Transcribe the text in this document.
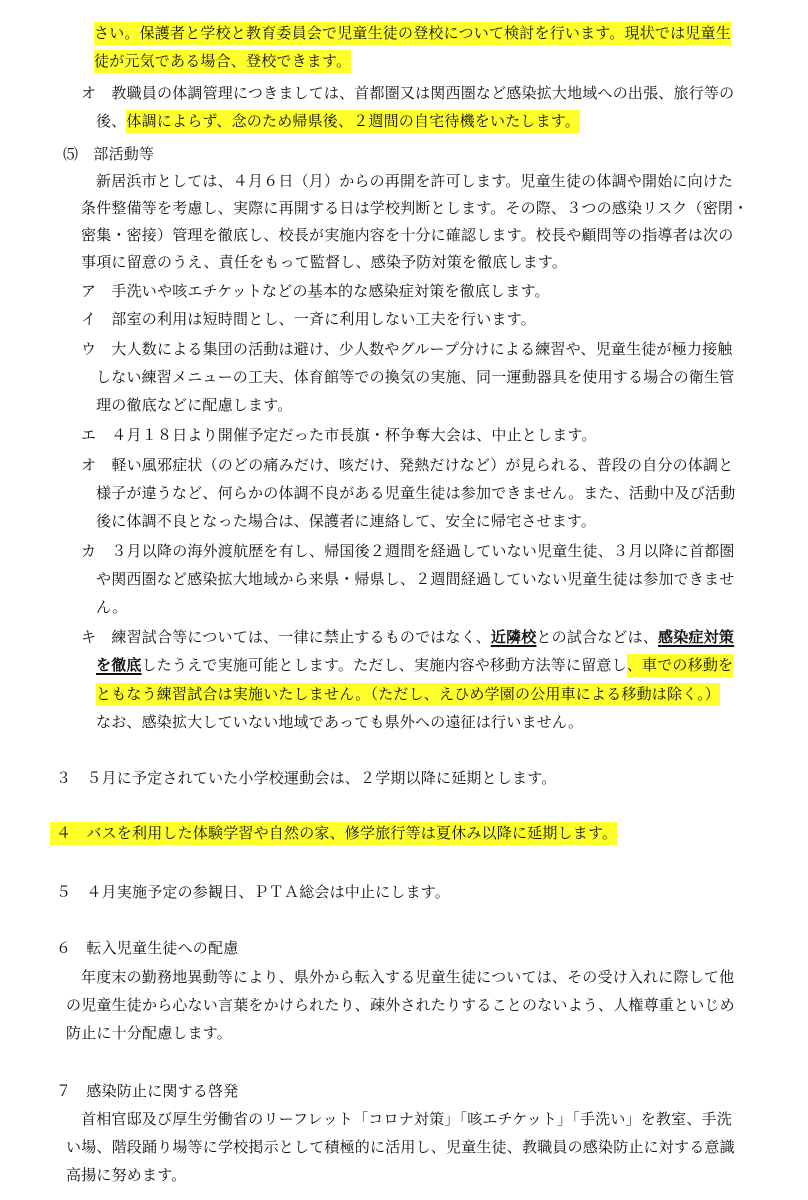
さい。保護者と学校と教育委員会で児童生徒の登校について検討を行います。現状では児童生
徒が元気である場合、登校できます。
オ　教職員の体調管理につきましては、首都圏又は関西圏など感染拡大地域への出張、旅行等の
後、体調によらず、念のため帰県後、２週間の自宅待機をいたします。
⑸　部活動等
新居浜市としては、４月６日（月）からの再開を許可します。児童生徒の体調や開始に向けた
条件整備等を考慮し、実際に再開する日は学校判断とします。その際、３つの感染リスク（密閉・
密集・密接）管理を徹底し、校長が実施内容を十分に確認します。校長や顧問等の指導者は次の
事項に留意のうえ、責任をもって監督し、感染予防対策を徹底します。
ア　手洗いや咳エチケットなどの基本的な感染症対策を徹底します。
イ　部室の利用は短時間とし、一斉に利用しない工夫を行います。
ウ　大人数による集団の活動は避け、少人数やグループ分けによる練習や、児童生徒が極力接触
しない練習メニューの工夫、体育館等での換気の実施、同一運動器具を使用する場合の衛生管
理の徹底などに配慮します。
エ　４月１８日より開催予定だった市長旗・杯争奪大会は、中止とします。
オ　軽い風邪症状（のどの痛みだけ、咳だけ、発熱だけなど）が見られる、普段の自分の体調と
様子が違うなど、何らかの体調不良がある児童生徒は参加できません。また、活動中及び活動
後に体調不良となった場合は、保護者に連絡して、安全に帰宅させます。
カ　３月以降の海外渡航歴を有し、帰国後２週間を経過していない児童生徒、３月以降に首都圏
や関西圏など感染拡大地域から来県・帰県し、２週間経過していない児童生徒は参加できませ
ん。
キ　練習試合等については、一律に禁止するものではなく、近隣校との試合などは、感染症対策
を徹底したうえで実施可能とします。ただし、実施内容や移動方法等に留意し、車での移動を
ともなう練習試合は実施いたしません。（ただし、えひめ学園の公用車による移動は除く。）
なお、感染拡大していない地域であっても県外への遠征は行いません。
３　５月に予定されていた小学校運動会は、２学期以降に延期とします。
４　バスを利用した体験学習や自然の家、修学旅行等は夏休み以降に延期します。
５　４月実施予定の参観日、ＰＴＡ総会は中止にします。
６　転入児童生徒への配慮
年度末の勤務地異動等により、県外から転入する児童生徒については、その受け入れに際して他
の児童生徒から心ない言葉をかけられたり、疎外されたりすることのないよう、人権尊重といじめ
防止に十分配慮します。
７　感染防止に関する啓発
首相官邸及び厚生労働省のリーフレット「コロナ対策」「咳エチケット」「手洗い」を教室、手洗
い場、階段踊り場等に学校掲示として積極的に活用し、児童生徒、教職員の感染防止に対する意識
高揚に努めます。
